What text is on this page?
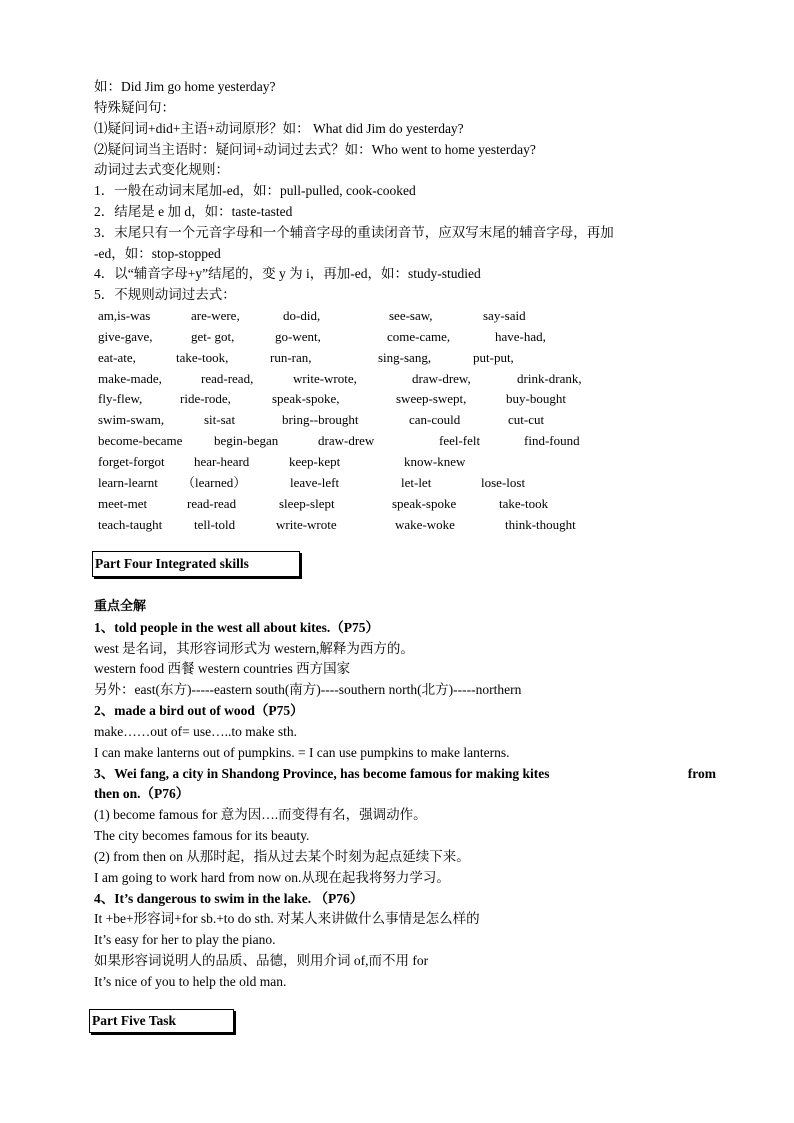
如：Did Jim go home yesterday?
特殊疑问句：
⑴疑问词+did+主语+动词原形？如： What did Jim do yesterday?
⑵疑问词当主语时：疑问词+动词过去式？如：Who went to home yesterday?
动词过去式变化规则：
1．一般在动词末尾加-ed，如：pull-pulled, cook-cooked
2．结尾是 e 加 d，如：taste-tasted
3．末尾只有一个元音字母和一个辅音字母的重读闭音节，应双写末尾的辅音字母，再加
-ed，如：stop-stopped
4．以“辅音字母+y”结尾的，变 y 为 i，再加-ed，如：study-studied
5．不规则动词过去式：
am,is-was	are-were,	do-did,	see-saw,	say-said
give-gave,	get- got,	go-went,	come-came,	have-had,
eat-ate,	take-took,	run-ran,	sing-sang,	put-put,
make-made,	read-read,	write-wrote,	draw-drew,	drink-drank,
fly-flew,	ride-rode,	speak-spoke,	sweep-swept,	buy-bought
swim-swam,	sit-sat	bring--brought	can-could	cut-cut
become-became begin-began	draw-drew	feel-felt	find-found
forget-forgot hear-heard	keep-kept	know-knew
learn-learnt （learned）	leave-left	let-let	lose-lost
meet-met	read-read	sleep-slept	speak-spoke	take-took
teach-taught tell-told	write-wrote	wake-woke	think-thought
Part Four Integrated skills
重点全解
1、told people in the west all about kites.（P75）
west 是名词，其形容词形式为 western,解释为西方的。
western food 西餐 western countries 西方国家
另外：east(东方)-----eastern south(南方)----southern north(北方)-----northern
2、made a bird out of wood（P75）
make……out of= use…..to make sth.
I can make lanterns out of pumpkins. = I can use pumpkins to make lanterns.
3、Wei fang, a city in Shandong Province, has become famous for making kites	from
then on.（P76）
(1) become famous for 意为因….而变得有名，强调动作。
The city becomes famous for its beauty.
(2) from then on 从那时起，指从过去某个时刻为起点延续下来。
I am going to work hard from now on.从现在起我将努力学习。
4、It’s dangerous to swim in the lake. （P76）
It +be+形容词+for sb.+to do sth. 对某人来讲做什么事情是怎么样的
It’s easy for her to play the piano.
如果形容词说明人的品质、品德，则用介词 of,而不用 for
It’s nice of you to help the old man.
Part Five Task
